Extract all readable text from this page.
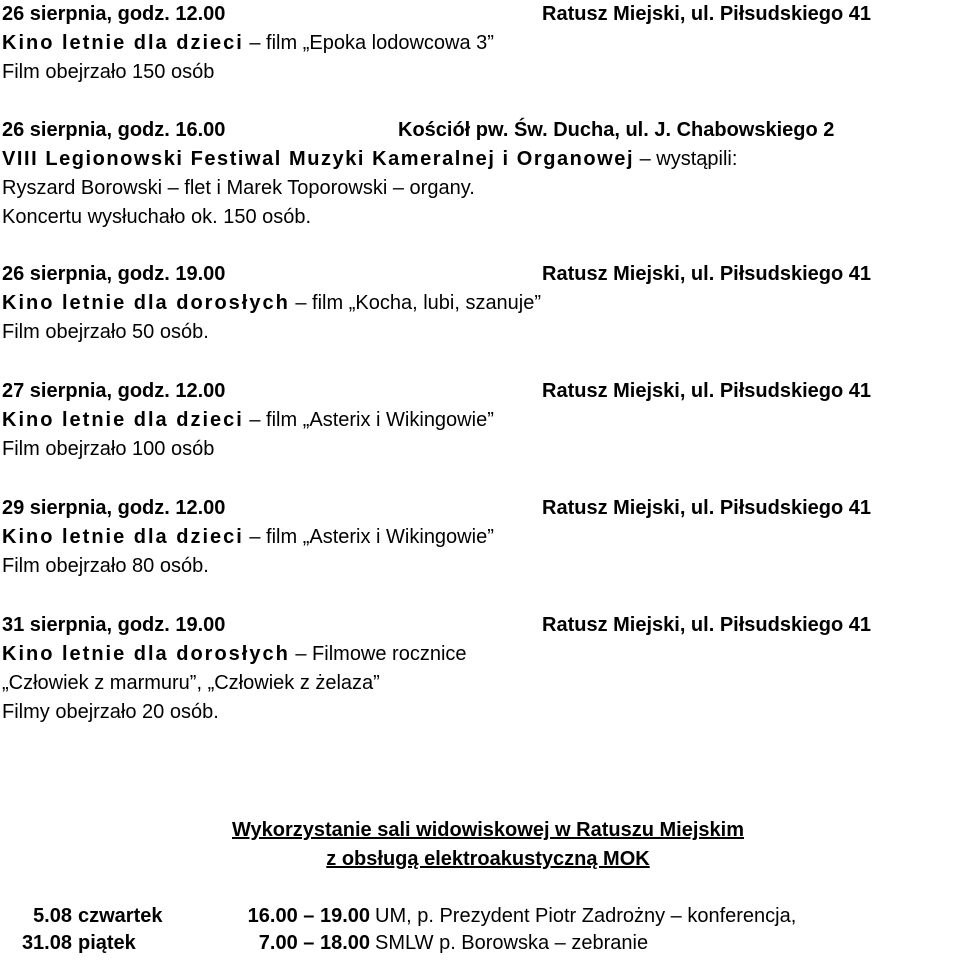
26 sierpnia, godz. 12.00	Ratusz Miejski, ul. Piłsudskiego 41
Kino letnie dla dzieci – film „Epoka lodowcowa 3”
Film obejrzało 150 osób
26 sierpnia, godz. 16.00	Kościół pw. Św. Ducha, ul. J. Chabowskiego 2
VIII Legionowski Festiwal Muzyki Kameralnej i Organowej – wystąpili:
Ryszard Borowski – flet i Marek Toporowski – organy.
Koncertu wysłuchało ok. 150 osób.
26 sierpnia, godz. 19.00	Ratusz Miejski, ul. Piłsudskiego 41
Kino letnie dla dorosłych – film „Kocha, lubi, szanuje”
Film obejrzało 50 osób.
27 sierpnia, godz. 12.00	Ratusz Miejski, ul. Piłsudskiego 41
Kino letnie dla dzieci – film „Asterix i Wikingowie”
Film obejrzało 100 osób
29 sierpnia, godz. 12.00	Ratusz Miejski, ul. Piłsudskiego 41
Kino letnie dla dzieci – film „Asterix i Wikingowie”
Film obejrzało 80 osób.
31 sierpnia, godz. 19.00	Ratusz Miejski, ul. Piłsudskiego 41
Kino letnie dla dorosłych – Filmowe rocznice
„Człowiek z marmuru”, „Człowiek z żelaza”
Filmy obejrzało 20 osób.
Wykorzystanie sali widowiskowej w Ratuszu Miejskim
z obsługą elektroakustyczną MOK
5.08 czwartek	16.00 – 19.00 UM, p. Prezydent Piotr Zadrożny – konferencja,
31.08 piątek	7.00 – 18.00 SMLW p. Borowska – zebranie
